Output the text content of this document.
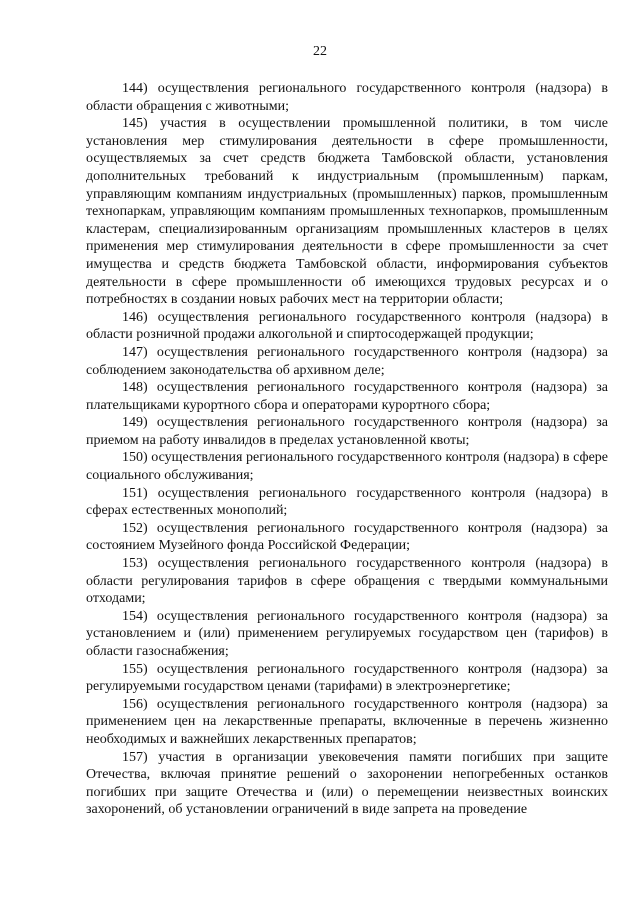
22

144) осуществления регионального государственного контроля (надзора) в области обращения с животными;

145) участия в осуществлении промышленной политики, в том числе установления мер стимулирования деятельности в сфере промышленности, осуществляемых за счет средств бюджета Тамбовской области, установления дополнительных требований к индустриальным (промышленным) паркам, управляющим компаниям индустриальных (промышленных) парков, промышленным технопаркам, управляющим компаниям промышленных технопарков, промышленным кластерам, специализированным организациям промышленных кластеров в целях применения мер стимулирования деятельности в сфере промышленности за счет имущества и средств бюджета Тамбовской области, информирования субъектов деятельности в сфере промышленности об имеющихся трудовых ресурсах и о потребностях в создании новых рабочих мест на территории области;

146) осуществления регионального государственного контроля (надзора) в области розничной продажи алкогольной и спиртосодержащей продукции;

147) осуществления регионального государственного контроля (надзора) за соблюдением законодательства об архивном деле;

148) осуществления регионального государственного контроля (надзора) за плательщиками курортного сбора и операторами курортного сбора;

149) осуществления регионального государственного контроля (надзора) за приемом на работу инвалидов в пределах установленной квоты;

150) осуществления регионального государственного контроля (надзора) в сфере социального обслуживания;

151) осуществления регионального государственного контроля (надзора) в сферах естественных монополий;

152) осуществления регионального государственного контроля (надзора) за состоянием Музейного фонда Российской Федерации;

153) осуществления регионального государственного контроля (надзора) в области регулирования тарифов в сфере обращения с твердыми коммунальными отходами;

154) осуществления регионального государственного контроля (надзора) за установлением и (или) применением регулируемых государством цен (тарифов) в области газоснабжения;

155) осуществления регионального государственного контроля (надзора) за регулируемыми государством ценами (тарифами) в электроэнергетике;

156) осуществления регионального государственного контроля (надзора) за применением цен на лекарственные препараты, включенные в перечень жизненно необходимых и важнейших лекарственных препаратов;

157) участия в организации увековечения памяти погибших при защите Отечества, включая принятие решений о захоронении непогребенных останков погибших при защите Отечества и (или) о перемещении неизвестных воинских захоронений, об установлении ограничений в виде запрета на проведение
